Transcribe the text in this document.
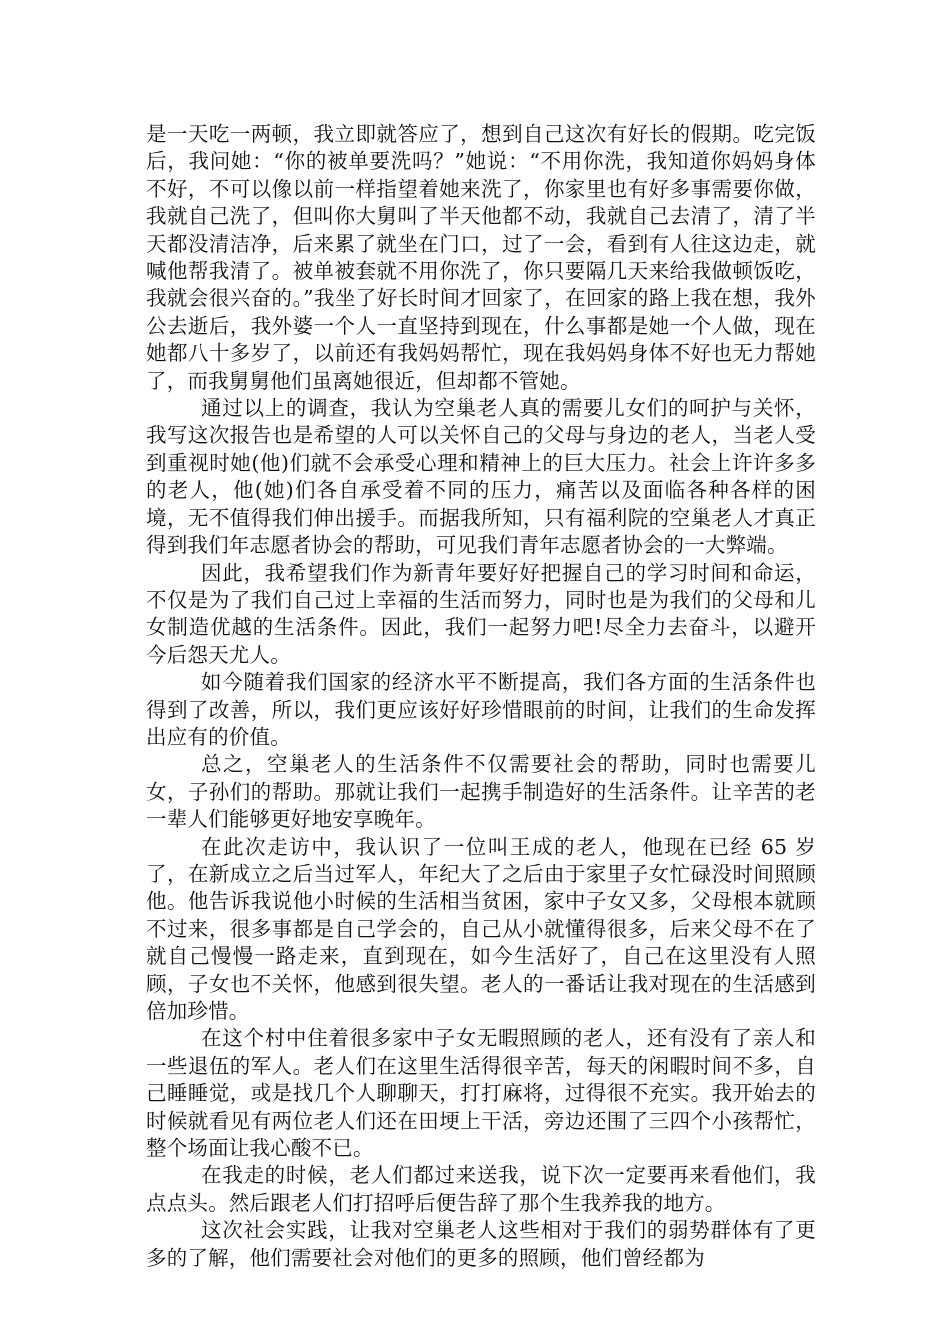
是一天吃一两顿，我立即就答应了，想到自己这次有好长的假期。吃完饭后，我问她：“你的被单要洗吗？”她说：“不用你洗，我知道你妈妈身体不好，不可以像以前一样指望着她来洗了，你家里也有好多事需要你做，我就自己洗了，但叫你大舅叫了半天他都不动，我就自己去清了，清了半天都没清洁净，后来累了就坐在门口，过了一会，看到有人往这边走，就喊他帮我清了。被单被套就不用你洗了，你只要隔几天来给我做顿饭吃，我就会很兴奋的。”我坐了好长时间才回家了，在回家的路上我在想，我外公去逝后，我外婆一个人一直坚持到现在，什么事都是她一个人做，现在她都八十多岁了，以前还有我妈妈帮忙，现在我妈妈身体不好也无力帮她了，而我舅舅他们虽离她很近，但却都不管她。

通过以上的调查，我认为空巢老人真的需要儿女们的呵护与关怀，我写这次报告也是希望的人可以关怀自己的父母与身边的老人，当老人受到重视时她(他)们就不会承受心理和精神上的巨大压力。社会上许许多多的老人，他(她)们各自承受着不同的压力，痛苦以及面临各种各样的困境，无不值得我们伸出援手。而据我所知，只有福利院的空巢老人才真正得到我们年志愿者协会的帮助，可见我们青年志愿者协会的一大弊端。

因此，我希望我们作为新青年要好好把握自己的学习时间和命运，不仅是为了我们自己过上幸福的生活而努力，同时也是为我们的父母和儿女制造优越的生活条件。因此，我们一起努力吧!尽全力去奋斗，以避开今后怨天尤人。

如今随着我们国家的经济水平不断提高，我们各方面的生活条件也得到了改善，所以，我们更应该好好珍惜眼前的时间，让我们的生命发挥出应有的价值。

总之，空巢老人的生活条件不仅需要社会的帮助，同时也需要儿女，子孙们的帮助。那就让我们一起携手制造好的生活条件。让辛苦的老一辈人们能够更好地安享晚年。

在此次走访中，我认识了一位叫王成的老人，他现在已经 65 岁了，在新成立之后当过军人，年纪大了之后由于家里子女忙碌没时间照顾他。他告诉我说他小时候的生活相当贫困，家中子女又多，父母根本就顾不过来，很多事都是自己学会的，自己从小就懂得很多，后来父母不在了就自己慢慢一路走来，直到现在，如今生活好了，自己在这里没有人照顾，子女也不关怀，他感到很失望。老人的一番话让我对现在的生活感到倍加珍惜。

在这个村中住着很多家中子女无暇照顾的老人，还有没有了亲人和一些退伍的军人。老人们在这里生活得很辛苦，每天的闲暇时间不多，自己睡睡觉，或是找几个人聊聊天，打打麻将，过得很不充实。我开始去的时候就看见有两位老人们还在田埂上干活，旁边还围了三四个小孩帮忙，整个场面让我心酸不已。

在我走的时候，老人们都过来送我，说下次一定要再来看他们，我点点头。然后跟老人们打招呼后便告辞了那个生我养我的地方。

这次社会实践，让我对空巢老人这些相对于我们的弱势群体有了更多的了解，他们需要社会对他们的更多的照顾，他们曾经都为
